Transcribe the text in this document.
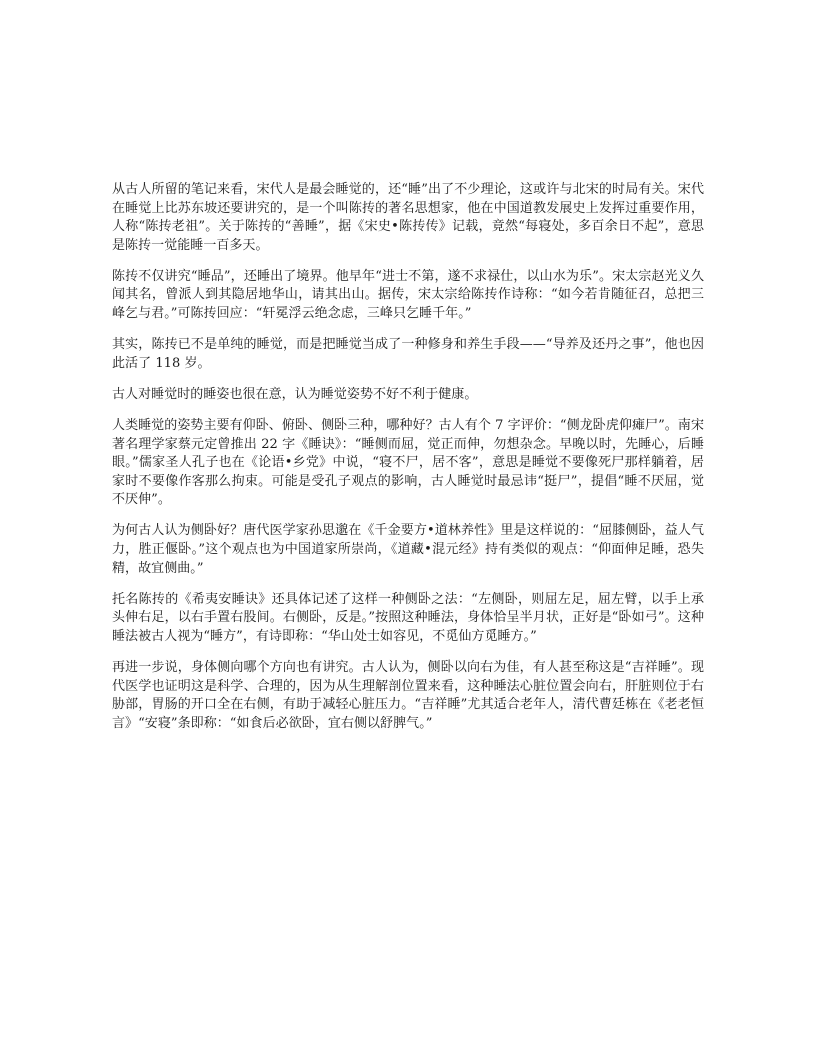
从古人所留的笔记来看，宋代人是最会睡觉的，还“睡”出了不少理论，这或许与北宋的时局有关。宋代在睡觉上比苏东坡还要讲究的，是一个叫陈抟的著名思想家，他在中国道教发展史上发挥过重要作用，人称“陈抟老祖”。关于陈抟的“善睡”，据《宋史•陈抟传》记载，竟然“每寝处，多百余日不起”，意思是陈抟一觉能睡一百多天。

陈抟不仅讲究“睡品”，还睡出了境界。他早年“进士不第，遂不求禄仕，以山水为乐”。宋太宗赵光义久闻其名，曾派人到其隐居地华山，请其出山。据传，宋太宗给陈抟作诗称：“如今若肯随征召，总把三峰乞与君。”可陈抟回应：“轩冕浮云绝念虑，三峰只乞睡千年。”

其实，陈抟已不是单纯的睡觉，而是把睡觉当成了一种修身和养生手段——“导养及还丹之事”，他也因此活了 118 岁。

古人对睡觉时的睡姿也很在意，认为睡觉姿势不好不利于健康。

人类睡觉的姿势主要有仰卧、俯卧、侧卧三种，哪种好？古人有个 7 字评价：“侧龙卧虎仰瘫尸”。南宋著名理学家蔡元定曾推出 22 字《睡诀》：“睡侧而屈，觉正而伸，勿想杂念。早晚以时，先睡心，后睡眼。”儒家圣人孔子也在《论语•乡党》中说，“寝不尸，居不客”，意思是睡觉不要像死尸那样躺着，居家时不要像作客那么拘束。可能是受孔子观点的影响，古人睡觉时最忌讳“挺尸”，提倡“睡不厌屈，觉不厌伸”。

为何古人认为侧卧好？唐代医学家孙思邈在《千金要方•道林养性》里是这样说的：“屈膝侧卧，益人气力，胜正偃卧。”这个观点也为中国道家所崇尚，《道藏•混元经》持有类似的观点：“仰面伸足睡，恐失精，故宜侧曲。”

托名陈抟的《希夷安睡诀》还具体记述了这样一种侧卧之法：“左侧卧，则屈左足，屈左臂，以手上承头伸右足，以右手置右股间。右侧卧，反是。”按照这种睡法，身体恰呈半月状，正好是“卧如弓”。这种睡法被古人视为“睡方”，有诗即称：“华山处士如容见，不觅仙方觅睡方。”

再进一步说，身体侧向哪个方向也有讲究。古人认为，侧卧以向右为佳，有人甚至称这是“吉祥睡”。现代医学也证明这是科学、合理的，因为从生理解剖位置来看，这种睡法心脏位置会向右，肝脏则位于右胁部，胃肠的开口全在右侧，有助于减轻心脏压力。“吉祥睡”尤其适合老年人，清代曹廷栋在《老老恒言》“安寝”条即称：“如食后必欲卧，宜右侧以舒脾气。”
